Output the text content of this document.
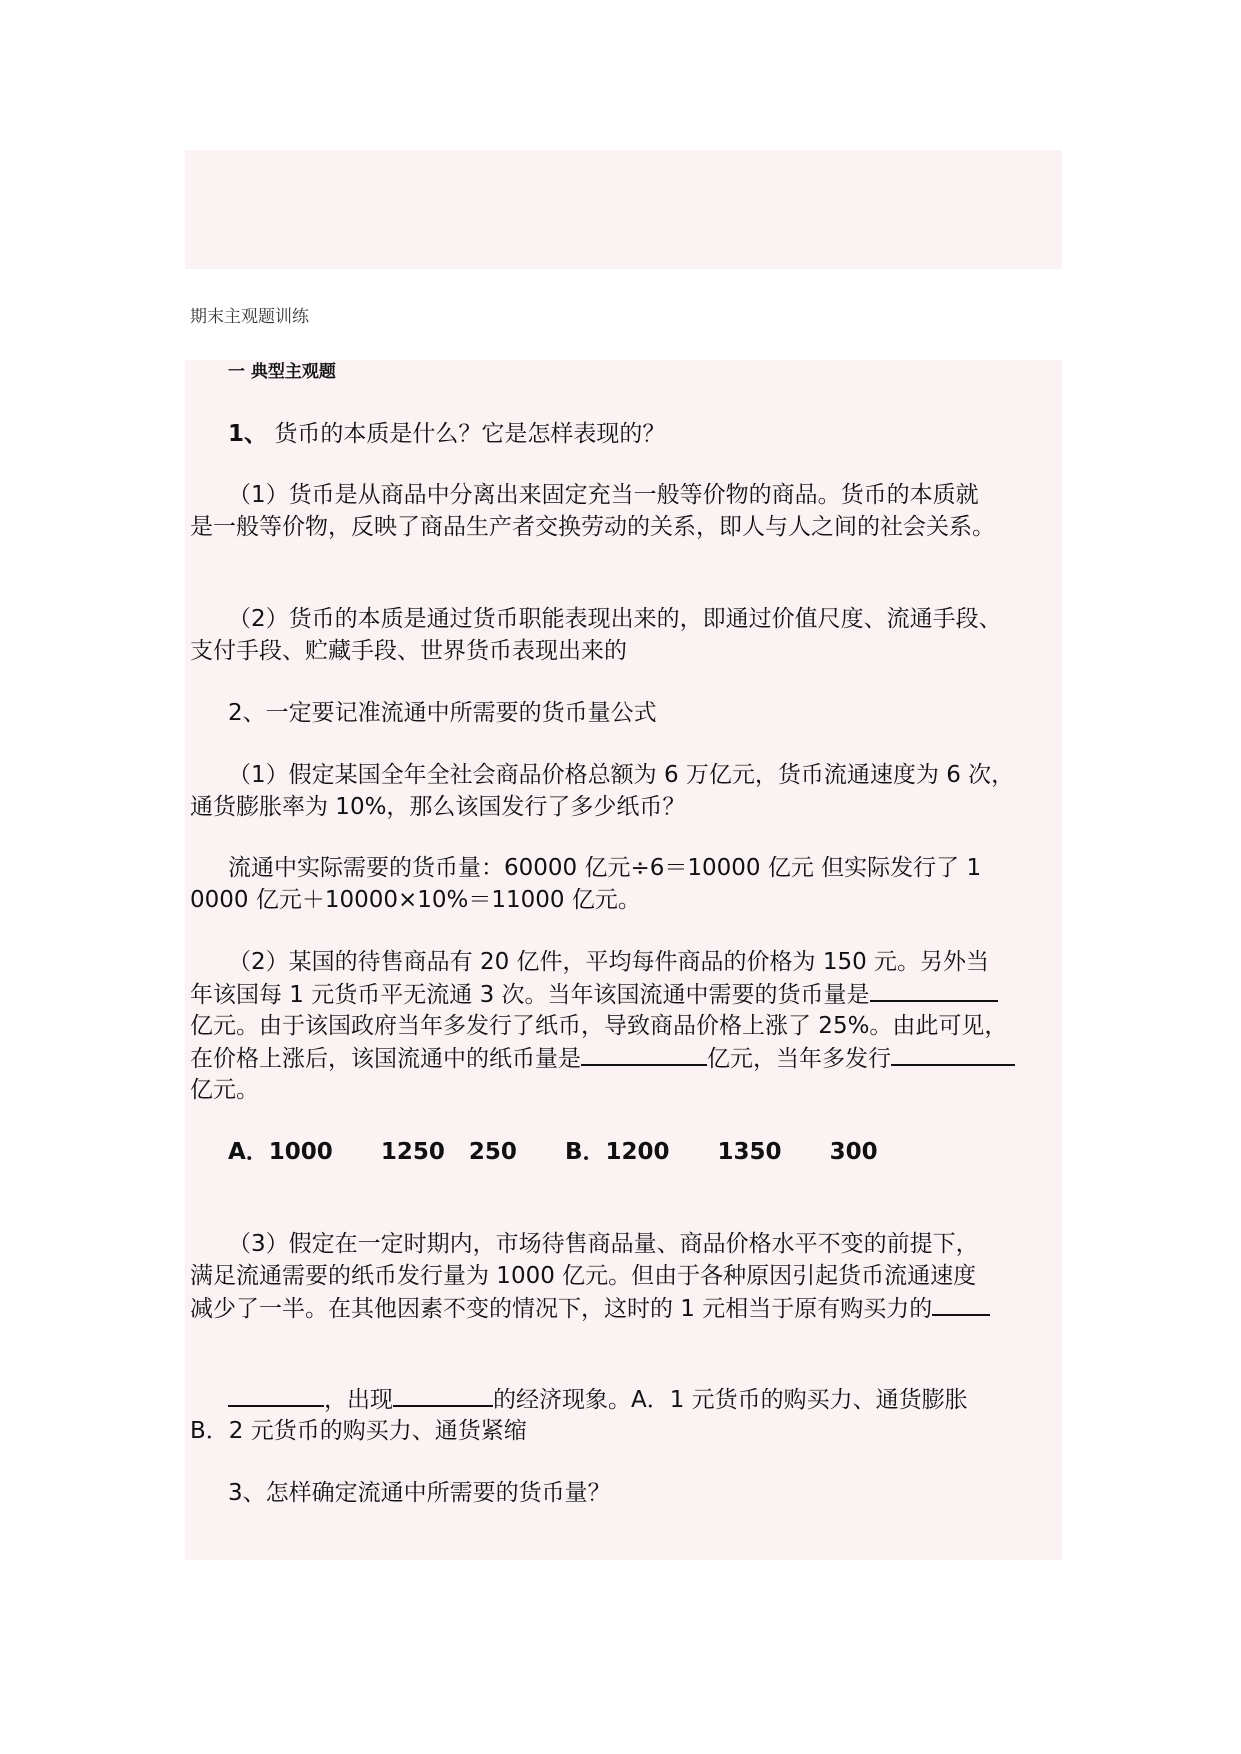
期末主观题训练

一 典型主观题

1、 货币的本质是什么？它是怎样表现的？

（1）货币是从商品中分离出来固定充当一般等价物的商品。货币的本质就

是一般等价物，反映了商品生产者交换劳动的关系，即人与人之间的社会关系。

（2）货币的本质是通过货币职能表现出来的，即通过价值尺度、流通手段、

支付手段、贮藏手段、世界货币表现出来的

2、一定要记准流通中所需要的货币量公式

（1）假定某国全年全社会商品价格总额为 6 万亿元，货币流通速度为 6 次，

通货膨胀率为 10%，那么该国发行了多少纸币？

流通中实际需要的货币量：60000 亿元÷6＝10000 亿元 但实际发行了 1

0000 亿元＋10000×10%＝11000 亿元。

（2）某国的待售商品有 20 亿件，平均每件商品的价格为 150 元。另外当

年该国每 1 元货币平无流通 3 次。当年该国流通中需要的货币量是

亿元。由于该国政府当年多发行了纸币，导致商品价格上涨了 25%。由此可见，

在价格上涨后，该国流通中的纸币量是	亿元，当年多发行

亿元。

A．1000      1250   250      B．1200      1350      300

（3）假定在一定时期内，市场待售商品量、商品价格水平不变的前提下，

满足流通需要的纸币发行量为 1000 亿元。但由于各种原因引起货币流通速度

减少了一半。在其他因素不变的情况下，这时的 1 元相当于原有购买力的

，出现	的经济现象。A．1 元货币的购买力、通货膨胀

B．2 元货币的购买力、通货紧缩

3、怎样确定流通中所需要的货币量？
